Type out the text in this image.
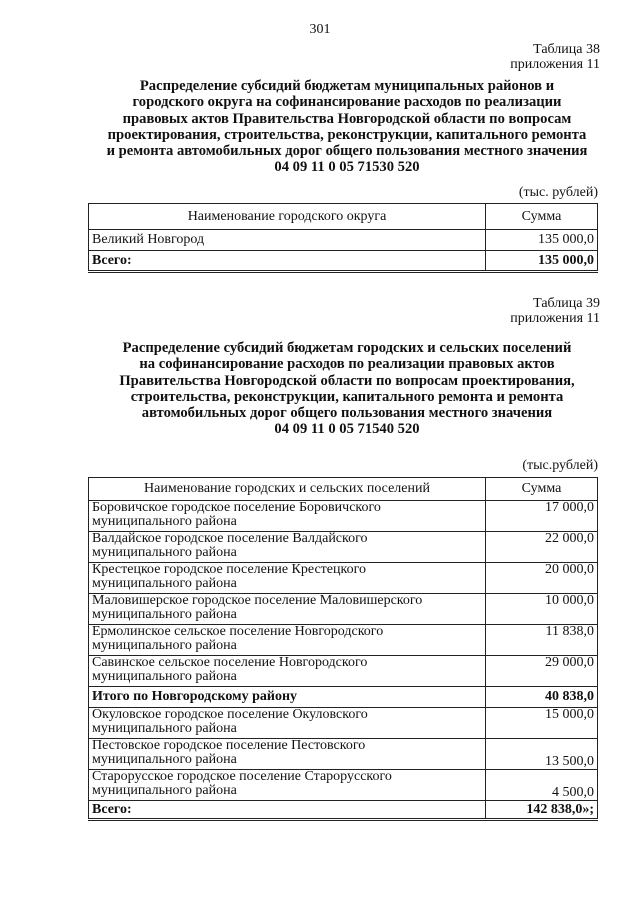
301
Таблица 38
приложения 11
Распределение субсидий бюджетам муниципальных районов и
городского округа на софинансирование расходов по реализации
правовых актов Правительства Новгородской области по вопросам
проектирования, строительства, реконструкции, капитального ремонта
и ремонта автомобильных дорог общего пользования местного значения
04 09 11 0 05 71530 520
(тыс. рублей)
Наименование городского округа	Сумма
Великий Новгород	135 000,0
Всего:	135 000,0
Таблица 39
приложения 11
Распределение субсидий бюджетам городских и сельских поселений
на софинансирование расходов по реализации правовых актов
Правительства Новгородской области по вопросам проектирования,
строительства, реконструкции, капитального ремонта и ремонта
автомобильных дорог общего пользования местного значения
04 09 11 0 05 71540 520
(тыс.рублей)
Наименование городских и сельских поселений	Сумма

Боровичское городское поселение Боровичского
муниципального района	17 000,0

Валдайское городское поселение Валдайского
муниципального района	22 000,0

Крестецкое городское поселение Крестецкого
муниципального района	20 000,0

Маловишерское городское поселение Маловишерского
муниципального района	10 000,0

Ермолинское сельское поселение Новгородского
муниципального района	11 838,0

Савинское сельское поселение Новгородского
муниципального района	29 000,0
Итого по Новгородскому району	40 838,0

Окуловское городское поселение Окуловского
муниципального района	15 000,0

Пестовское городское поселение Пестовского
муниципального района	13 500,0

Старорусское городское поселение Старорусского
муниципального района	4 500,0
Всего:	142 838,0»;
